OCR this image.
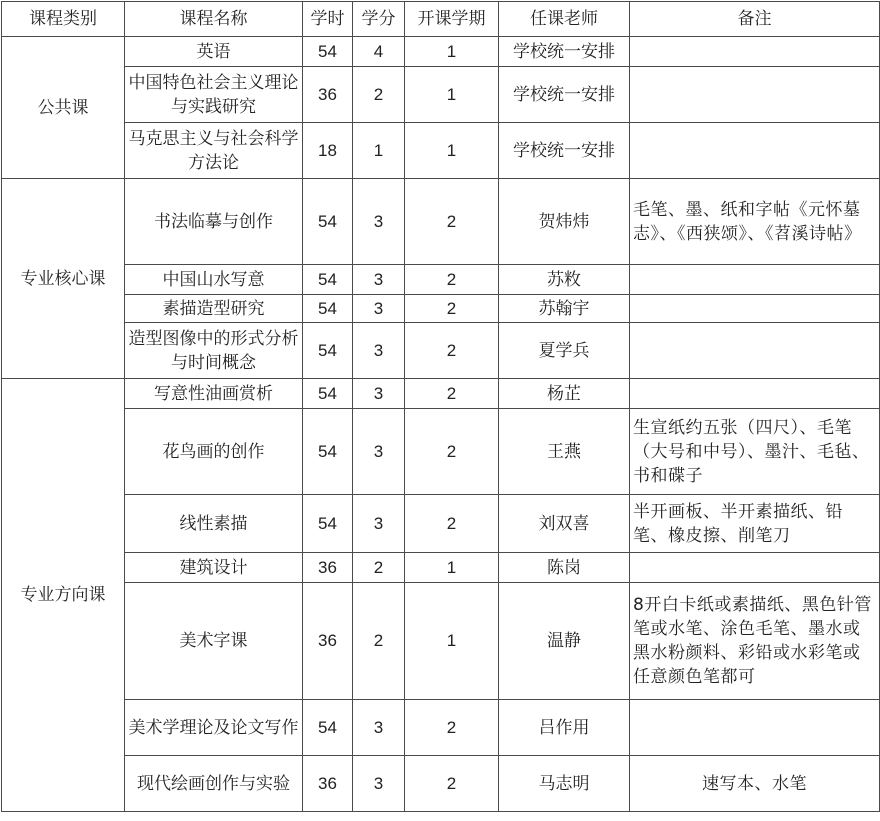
课程类别	课程名称	学时	学分	开课学期	任课老师	备注
公共课	英语	54	4	1	学校统一安排	
	中国特色社会主义理论与实践研究	36	2	1	学校统一安排	
	马克思主义与社会科学方法论	18	1	1	学校统一安排	
专业核心课	书法临摹与创作	54	3	2	贺炜炜	毛笔、墨、纸和字帖《元怀墓志》、《西狭颂》、《苕溪诗帖》
	中国山水写意	54	3	2	苏敉	
	素描造型研究	54	3	2	苏翰宇	
	造型图像中的形式分析与时间概念	54	3	2	夏学兵	
专业方向课	写意性油画赏析	54	3	2	杨芷	
	花鸟画的创作	54	3	2	王燕	生宣纸约五张（四尺）、毛笔（大号和中号）、墨汁、毛毡、书和碟子
	线性素描	54	3	2	刘双喜	半开画板、半开素描纸、铅笔、橡皮擦、削笔刀
	建筑设计	36	2	1	陈岗	
	美术字课	36	2	1	温静	8开白卡纸或素描纸、黑色针管笔或水笔、涂色毛笔、墨水或黑水粉颜料、彩铅或水彩笔或任意颜色笔都可
	美术学理论及论文写作	54	3	2	吕作用	
	现代绘画创作与实验	36	3	2	马志明	速写本、水笔
